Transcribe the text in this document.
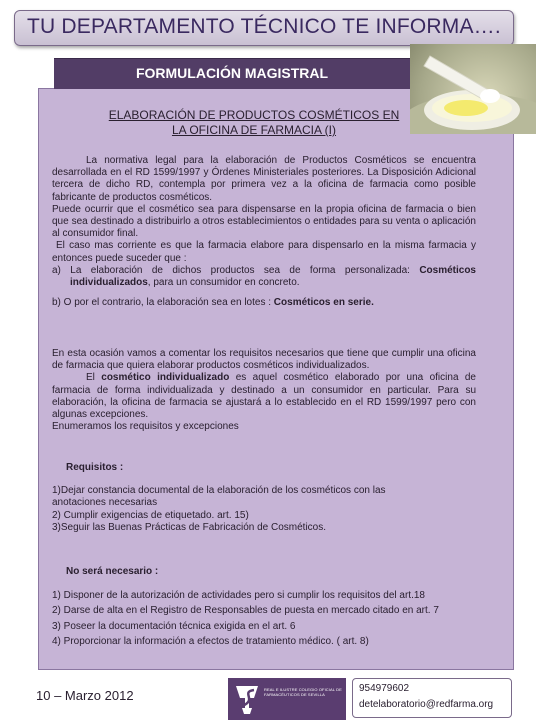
TU DEPARTAMENTO TÉCNICO TE INFORMA….
FORMULACIÓN MAGISTRAL
ELABORACIÓN DE PRODUCTOS COSMÉTICOS EN
LA OFICINA DE FARMACIA (I)
La normativa legal para la elaboración de Productos Cosméticos se encuentra desarrollada en el RD 1599/1997 y Órdenes Ministeriales posteriores. La Disposición Adicional tercera de dicho RD, contempla por primera vez a la oficina de farmacia como posible fabricante de productos cosméticos.
Puede ocurrir que el cosmético sea para dispensarse en la propia oficina de farmacia o bien que sea destinado a distribuirlo a otros establecimientos o entidades para su venta o aplicación al consumidor final.
El caso mas corriente es que la farmacia elabore para dispensarlo en la misma farmacia y entonces puede suceder que :
a) La elaboración de dichos productos sea de forma personalizada: Cosméticos individualizados, para un consumidor en concreto.
b) O por el contrario, la elaboración sea en lotes : Cosméticos en serie.
En esta ocasión vamos a comentar los requisitos necesarios que tiene que cumplir una oficina de farmacia que quiera elaborar productos cosméticos individualizados.
El cosmético individualizado es aquel cosmético elaborado por una oficina de farmacia de forma individualizada y destinado a un consumidor en particular. Para su elaboración, la oficina de farmacia se ajustará a lo establecido en el RD 1599/1997 pero con algunas excepciones.
Enumeramos los requisitos y excepciones
Requisitos :
1)Dejar constancia documental de la elaboración de los cosméticos con las anotaciones necesarias
2) Cumplir exigencias de etiquetado. art. 15)
3)Seguir las Buenas Prácticas de Fabricación de Cosméticos.
No será necesario :
1) Disponer de la autorización de actividades pero si cumplir los requisitos del art.18
2) Darse de alta en el Registro de Responsables de puesta en mercado citado en art. 7
3) Poseer la documentación técnica exigida en el art. 6
4) Proporcionar la información a efectos de tratamiento médico. ( art. 8)
10 – Marzo 2012	REAL E ILUSTRE COLEGIO OFICIAL DE FARMACÉUTICOS DE SEVILLA
954979602
detelaboratorio@redfarma.org
